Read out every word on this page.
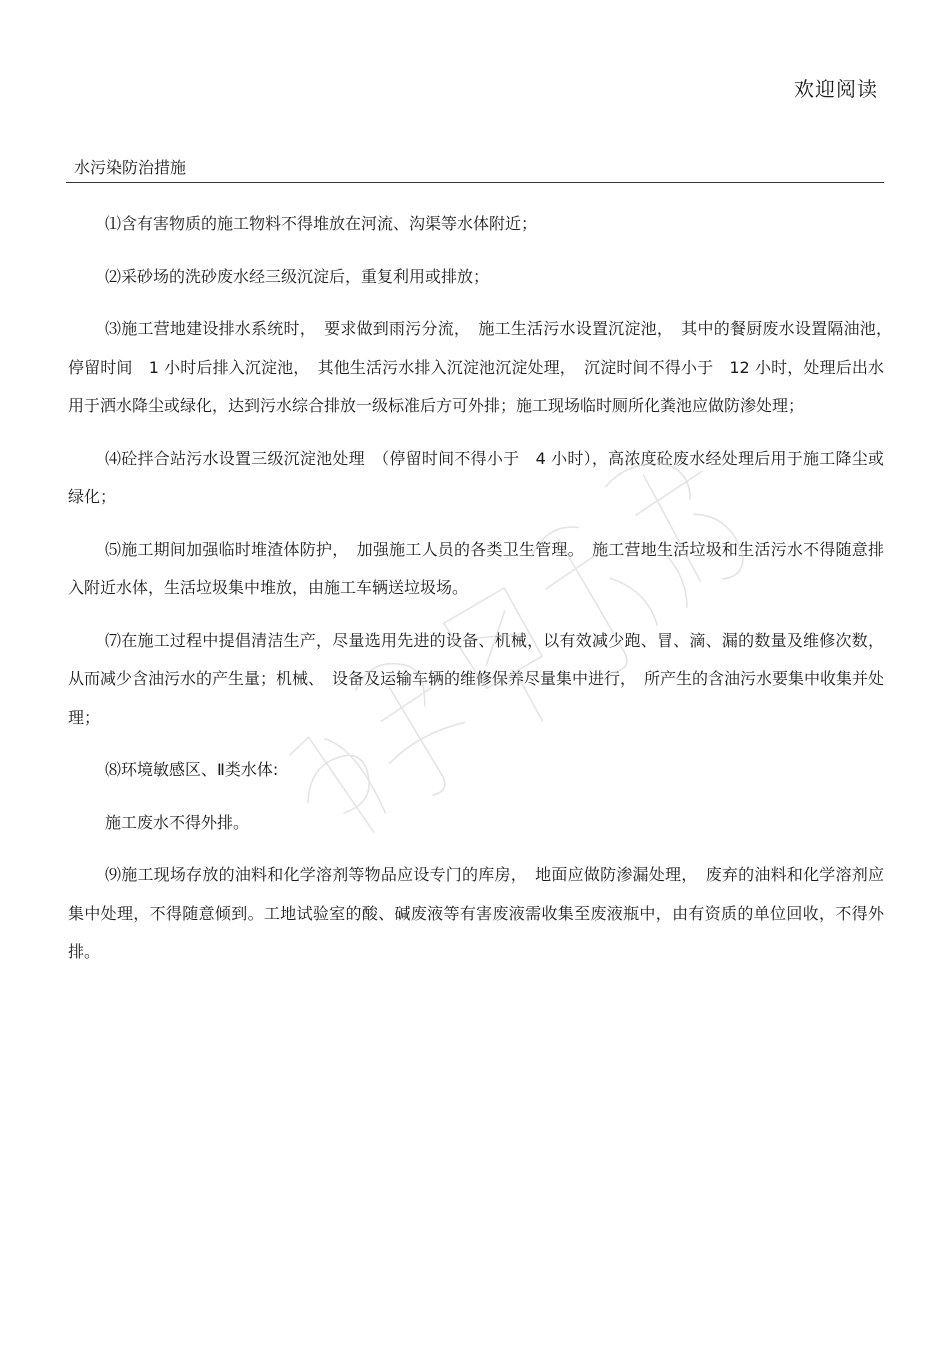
欢迎阅读
水污染防治措施

⑴含有害物质的施工物料不得堆放在河流、沟渠等水体附近；

⑵采砂场的洗砂废水经三级沉淀后，重复利用或排放；

⑶施工营地建设排水系统时，　要求做到雨污分流，　施工生活污水设置沉淀池，　其中的餐厨废水设置隔油池，　停留时间　1 小时后排入沉淀池，　其他生活污水排入沉淀池沉淀处理，　沉淀时间不得小于　12 小时，处理后出水用于洒水降尘或绿化，达到污水综合排放一级标准后方可外排；施工现场临时厕所化粪池应做防渗处理；

⑷砼拌合站污水设置三级沉淀池处理　（停留时间不得小于　4 小时），高浓度砼废水经处理后用于施工降尘或绿化；

⑸施工期间加强临时堆渣体防护，　加强施工人员的各类卫生管理。　施工营地生活垃圾和生活污水不得随意排入附近水体，生活垃圾集中堆放，由施工车辆送垃圾场。

⑺在施工过程中提倡清洁生产，尽量选用先进的设备、机械，以有效减少跑、冒、滴、漏的数量及维修次数，从而减少含油污水的产生量；机械、　设备及运输车辆的维修保养尽量集中进行，　所产生的含油污水要集中收集并处理；

⑻环境敏感区、Ⅱ类水体:

施工废水不得外排。

⑼施工现场存放的油料和化学溶剂等物品应设专门的库房，　地面应做防渗漏处理，　废弃的油料和化学溶剂应集中处理，不得随意倾到。工地试验室的酸、碱废液等有害废液需收集至废液瓶中，由有资质的单位回收，不得外排。
